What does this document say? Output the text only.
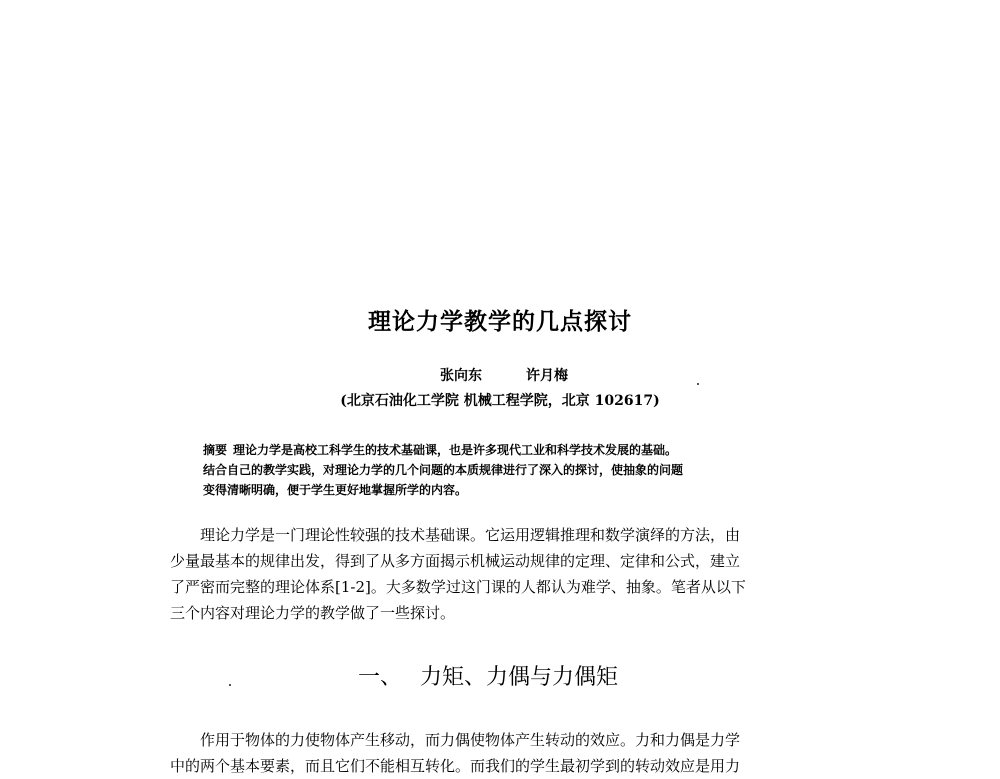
理论力学教学的几点探讨
张向东	许月梅
(北京石油化工学院 机械工程学院，北京 102617)
摘要 理论力学是高校工科学生的技术基础课，也是许多现代工业和科学技术发展的基础。
结合自己的教学实践，对理论力学的几个问题的本质规律进行了深入的探讨，使抽象的问题
变得清晰明确，便于学生更好地掌握所学的内容。
　　理论力学是一门理论性较强的技术基础课。它运用逻辑推理和数学演绎的方法，由
少量最基本的规律出发，得到了从多方面揭示机械运动规律的定理、定律和公式，建立
了严密而完整的理论体系[1-2]。大多数学过这门课的人都认为难学、抽象。笔者从以下
三个内容对理论力学的教学做了一些探讨。
一、 力矩、力偶与力偶矩
　　作用于物体的力使物体产生移动，而力偶使物体产生转动的效应。力和力偶是力学
中的两个基本要素，而且它们不能相互转化。而我们的学生最初学到的转动效应是用力
